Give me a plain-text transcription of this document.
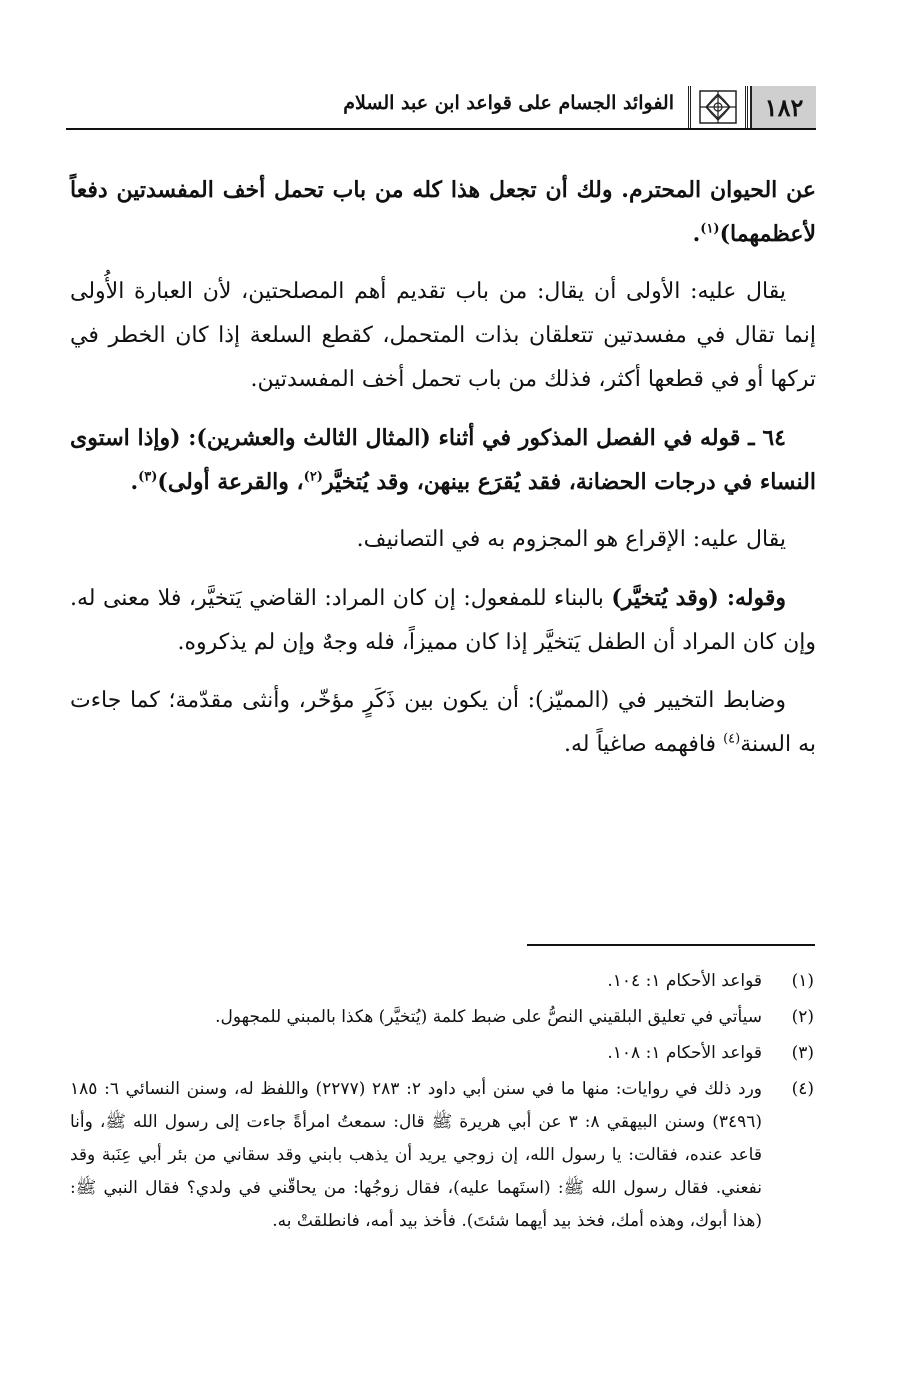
١٨٢
الفوائد الجسام على قواعد ابن عبد السلام

عن الحيوان المحترم. ولك أن تجعل هذا كله من باب تحمل أخف المفسدتين دفعاً لأعظمهما)$^{(١)}$.

يقال عليه: الأولى أن يقال: من باب تقديم أهم المصلحتين، لأن العبارة الأُولى إنما تقال في مفسدتين تتعلقان بذات المتحمل، كقطع السلعة إذا كان الخطر في تركها أو في قطعها أكثر، فذلك من باب تحمل أخف المفسدتين.

٦٤ ـ قوله في الفصل المذكور في أثناء (المثال الثالث والعشرين): (وإذا استوى النساء في درجات الحضانة، فقد يُقرَع بينهن، وقد يُتخيَّر$^{(٢)}$، والقرعة أولى)$^{(٣)}$.

يقال عليه: الإقراع هو المجزوم به في التصانيف.

وقوله: (وقد يُتخيَّر) بالبناء للمفعول: إن كان المراد: القاضي يَتخيَّر، فلا معنى له. وإن كان المراد أن الطفل يَتخيَّر إذا كان مميزاً، فله وجهٌ وإن لم يذكروه.

وضابط التخيير في (المميّز): أن يكون بين ذَكَرٍ مؤخّر، وأنثى مقدّمة؛ كما جاءت به السنة$^{(٤)}$ فافهمه صاغياً له.

(١)
قواعد الأحكام ١: ١٠٤.
(٢)
سيأتي في تعليق البلقيني النصُّ على ضبط كلمة (يُتخيَّر) هكذا بالمبني للمجهول.
(٣)
قواعد الأحكام ١: ١٠٨.
(٤)
ورد ذلك في روايات: منها ما في سنن أبي داود ٢: ٢٨٣ (٢٢٧٧) واللفظ له، وسنن النسائي ٦: ١٨٥ (٣٤٩٦) وسنن البيهقي ٨: ٣ عن أبي هريرة ﷺ قال: سمعتُ امرأةً جاءت إلى رسول الله ﷺ، وأنا قاعد عنده، فقالت: يا رسول الله، إن زوجي يريد أن يذهب بابني وقد سقاني من بئر أبي عِنَبة وقد نفعني. فقال رسول الله ﷺ: (استَهما عليه)، فقال زوجُها: من يحاقّني في ولدي؟ فقال النبي ﷺ: (هذا أبوك، وهذه أمك، فخذ بيد أيهما شئتَ). فأخذ بيد أمه، فانطلقتْ به.
